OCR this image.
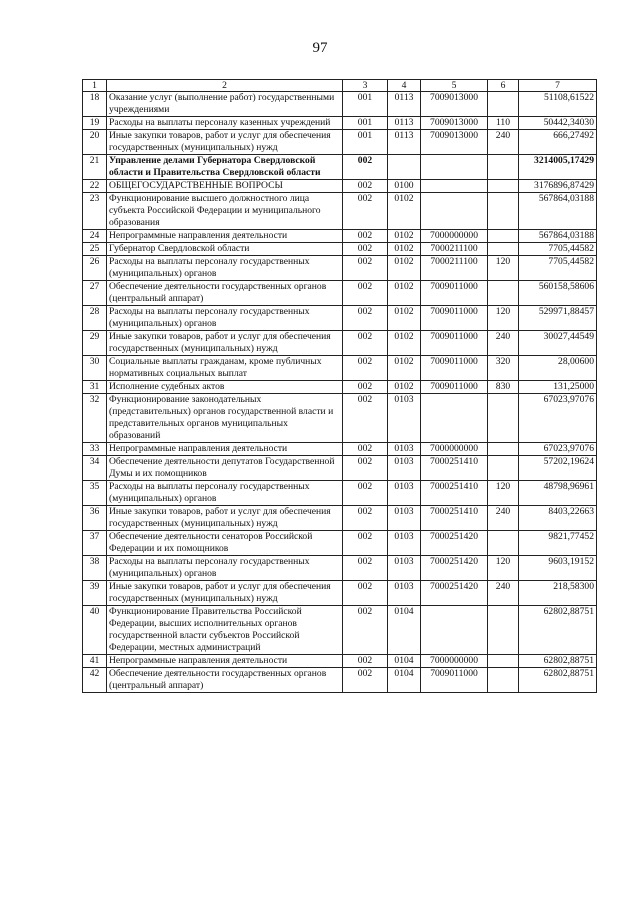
97
1	2	3	4	5	6	7
18	Оказание услуг (выполнение работ) государственными учреждениями	001	0113	7009013000		51108,61522
19	Расходы на выплаты персоналу казенных учреждений	001	0113	7009013000	110	50442,34030
20	Иные закупки товаров, работ и услуг для обеспечения государственных (муниципальных) нужд	001	0113	7009013000	240	666,27492
21	Управление делами Губернатора Свердловской области и Правительства Свердловской области	002				3214005,17429
22	ОБЩЕГОСУДАРСТВЕННЫЕ ВОПРОСЫ	002	0100			3176896,87429
23	Функционирование высшего должностного лица субъекта Российской Федерации и муниципального образования	002	0102			567864,03188
24	Непрограммные направления деятельности	002	0102	7000000000		567864,03188
25	Губернатор Свердловской области	002	0102	7000211100		7705,44582
26	Расходы на выплаты персоналу государственных (муниципальных) органов	002	0102	7000211100	120	7705,44582
27	Обеспечение деятельности государственных органов (центральный аппарат)	002	0102	7009011000		560158,58606
28	Расходы на выплаты персоналу государственных (муниципальных) органов	002	0102	7009011000	120	529971,88457
29	Иные закупки товаров, работ и услуг для обеспечения государственных (муниципальных) нужд	002	0102	7009011000	240	30027,44549
30	Социальные выплаты гражданам, кроме публичных нормативных социальных выплат	002	0102	7009011000	320	28,00600
31	Исполнение судебных актов	002	0102	7009011000	830	131,25000
32	Функционирование законодательных (представительных) органов государственной власти и представительных органов муниципальных образований	002	0103			67023,97076
33	Непрограммные направления деятельности	002	0103	7000000000		67023,97076
34	Обеспечение деятельности депутатов Государственной Думы и их помощников	002	0103	7000251410		57202,19624
35	Расходы на выплаты персоналу государственных (муниципальных) органов	002	0103	7000251410	120	48798,96961
36	Иные закупки товаров, работ и услуг для обеспечения государственных (муниципальных) нужд	002	0103	7000251410	240	8403,22663
37	Обеспечение деятельности сенаторов Российской Федерации и их помощников	002	0103	7000251420		9821,77452
38	Расходы на выплаты персоналу государственных (муниципальных) органов	002	0103	7000251420	120	9603,19152
39	Иные закупки товаров, работ и услуг для обеспечения государственных (муниципальных) нужд	002	0103	7000251420	240	218,58300
40	Функционирование Правительства Российской Федерации, высших исполнительных органов государственной власти субъектов Российской Федерации, местных администраций	002	0104			62802,88751
41	Непрограммные направления деятельности	002	0104	7000000000		62802,88751
42	Обеспечение деятельности государственных органов (центральный аппарат)	002	0104	7009011000		62802,88751
